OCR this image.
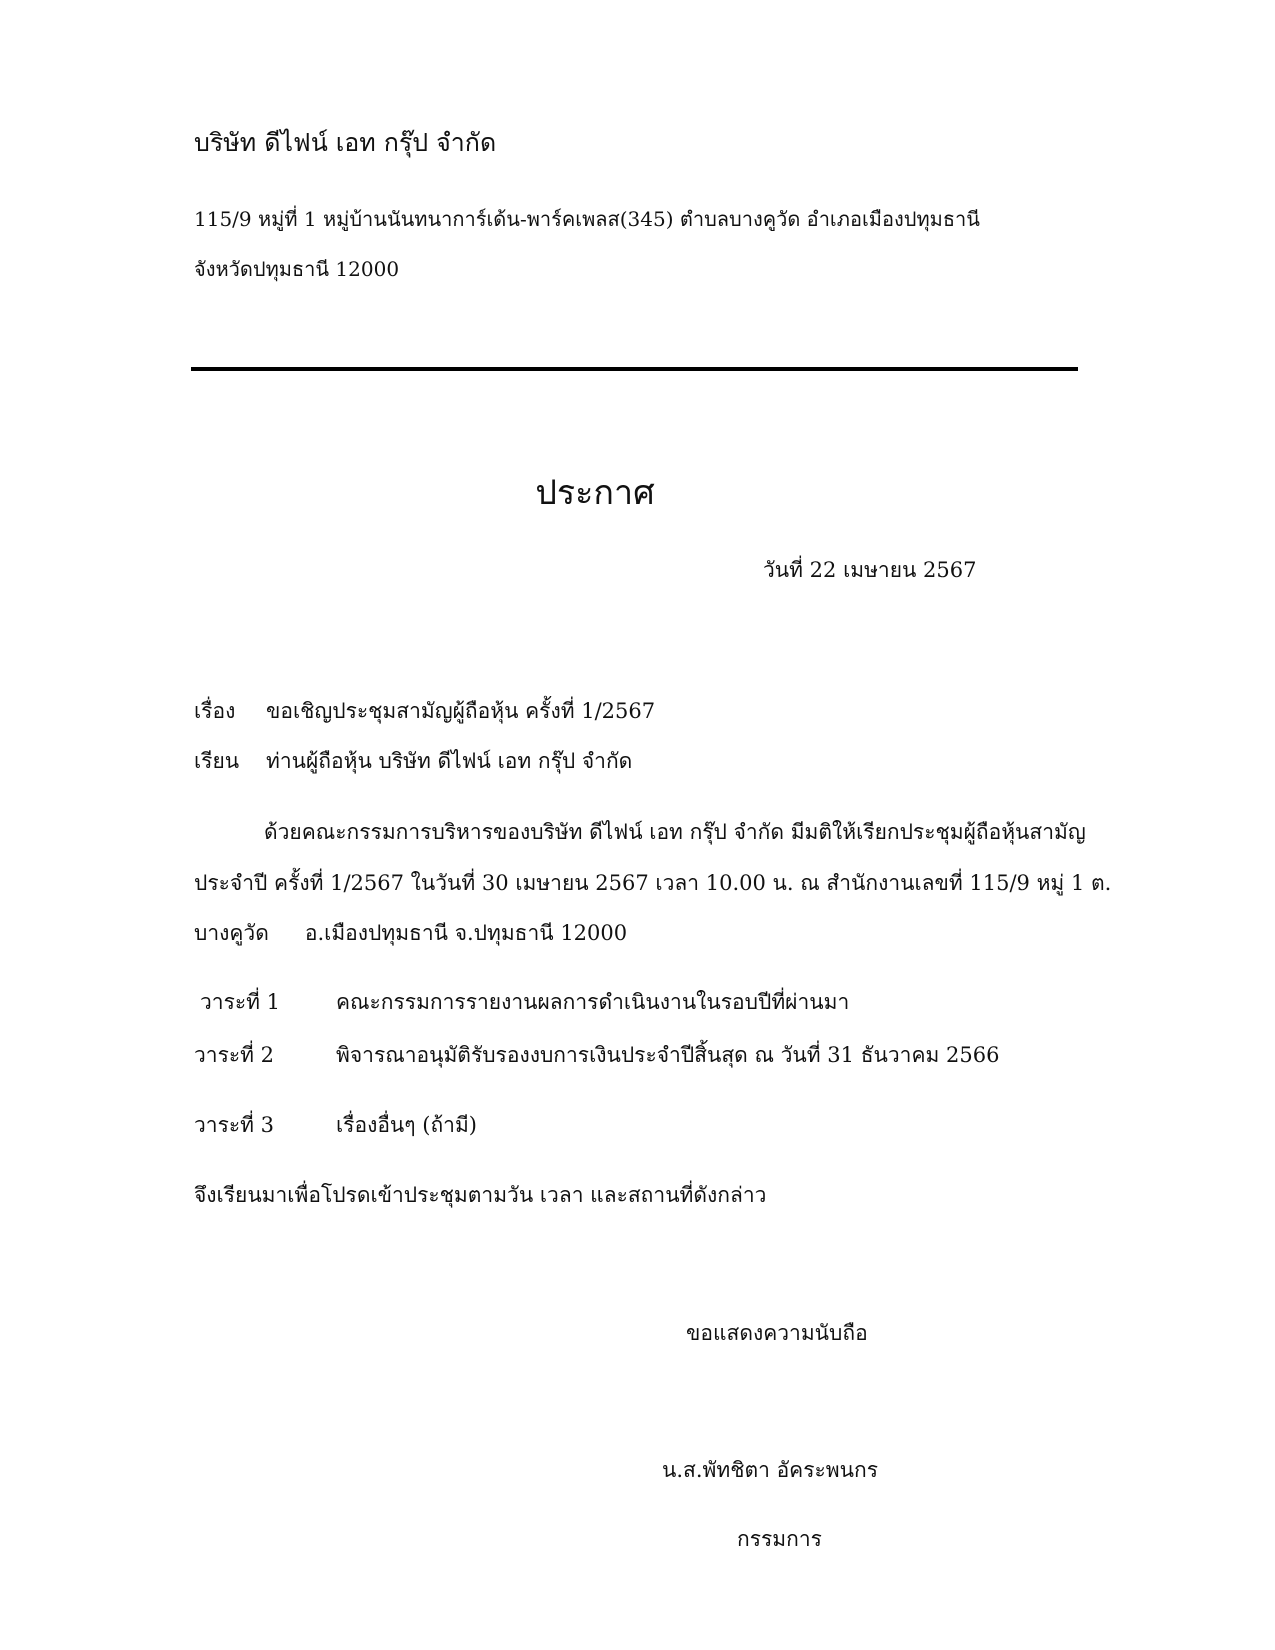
บริษัท ดีไฟน์ เอท กรุ๊ป จำกัด
115/9 หมู่ที่ 1 หมู่บ้านนันทนาการ์เด้น-พาร์คเพลส(345) ตำบลบางคูวัด อำเภอเมืองปทุมธานี
จังหวัดปทุมธานี 12000
ประกาศ
วันที่ 22 เมษายน 2567
เรื่อง ขอเชิญประชุมสามัญผู้ถือหุ้น ครั้งที่ 1/2567
เรียน ท่านผู้ถือหุ้น บริษัท ดีไฟน์ เอท กรุ๊ป จำกัด
ด้วยคณะกรรมการบริหารของบริษัท ดีไฟน์ เอท กรุ๊ป จำกัด มีมติให้เรียกประชุมผู้ถือหุ้นสามัญ
ประจำปี ครั้งที่ 1/2567 ในวันที่ 30 เมษายน 2567 เวลา 10.00 น. ณ สำนักงานเลขที่ 115/9 หมู่ 1 ต.
บางคูวัด อ.เมืองปทุมธานี จ.ปทุมธานี 12000
วาระที่ 1	คณะกรรมการรายงานผลการดำเนินงานในรอบปีที่ผ่านมา
วาระที่ 2	พิจารณาอนุมัติรับรองงบการเงินประจำปีสิ้นสุด ณ วันที่ 31 ธันวาคม 2566
วาระที่ 3	เรื่องอื่นๆ (ถ้ามี)
จึงเรียนมาเพื่อโปรดเข้าประชุมตามวัน เวลา และสถานที่ดังกล่าว
ขอแสดงความนับถือ
น.ส.พัทชิตา อัคระพนกร
กรรมการ
